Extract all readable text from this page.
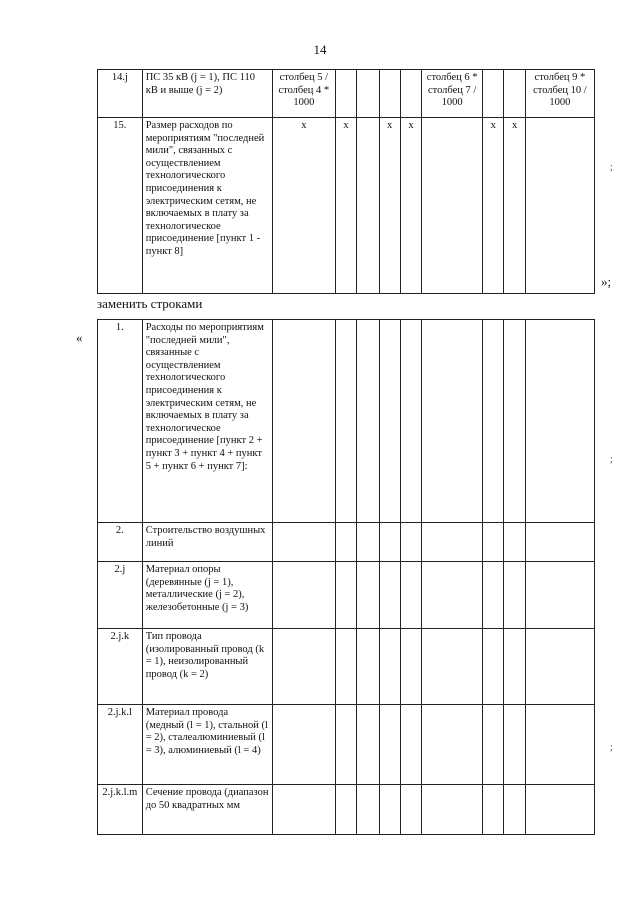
14
14.j	ПС 35 кВ (j = 1), ПС 110 кВ и выше (j = 2)	столбец 5 / столбец 4 * 1000					столбец 6 * столбец 7 / 1000			столбец 9 * столбец 10 / 1000
15.	Размер расходов по мероприятиям "последней мили", связанных с осуществлением технологического присоединения к электрическим сетям, не включаемых в плату за технологическое присоединение [пункт 1 - пункт 8]	x	x		x	x		x	x	
»;
заменить строками
«
1.	Расходы по мероприятиям "последней мили", связанные с осуществлением технологического присоединения к электрическим сетям, не включаемых в плату за технологическое присоединение [пункт 2 + пункт 3 + пункт 4 + пункт 5 + пункт 6 + пункт 7]:									
2.	Строительство воздушных линий									
2.j	Материал опоры (деревянные (j = 1), металлические (j = 2), железобетонные (j = 3)									
2.j.k	Тип провода (изолированный провод (k = 1), неизолированный провод (k = 2)									
2.j.k.l	Материал провода (медный (l = 1), стальной (l = 2), сталеалюминиевый (l = 3), алюминиевый (l = 4)									
2.j.k.l.m	Сечение провода (диапазон до 50 квадратных мм									
;
;
;
